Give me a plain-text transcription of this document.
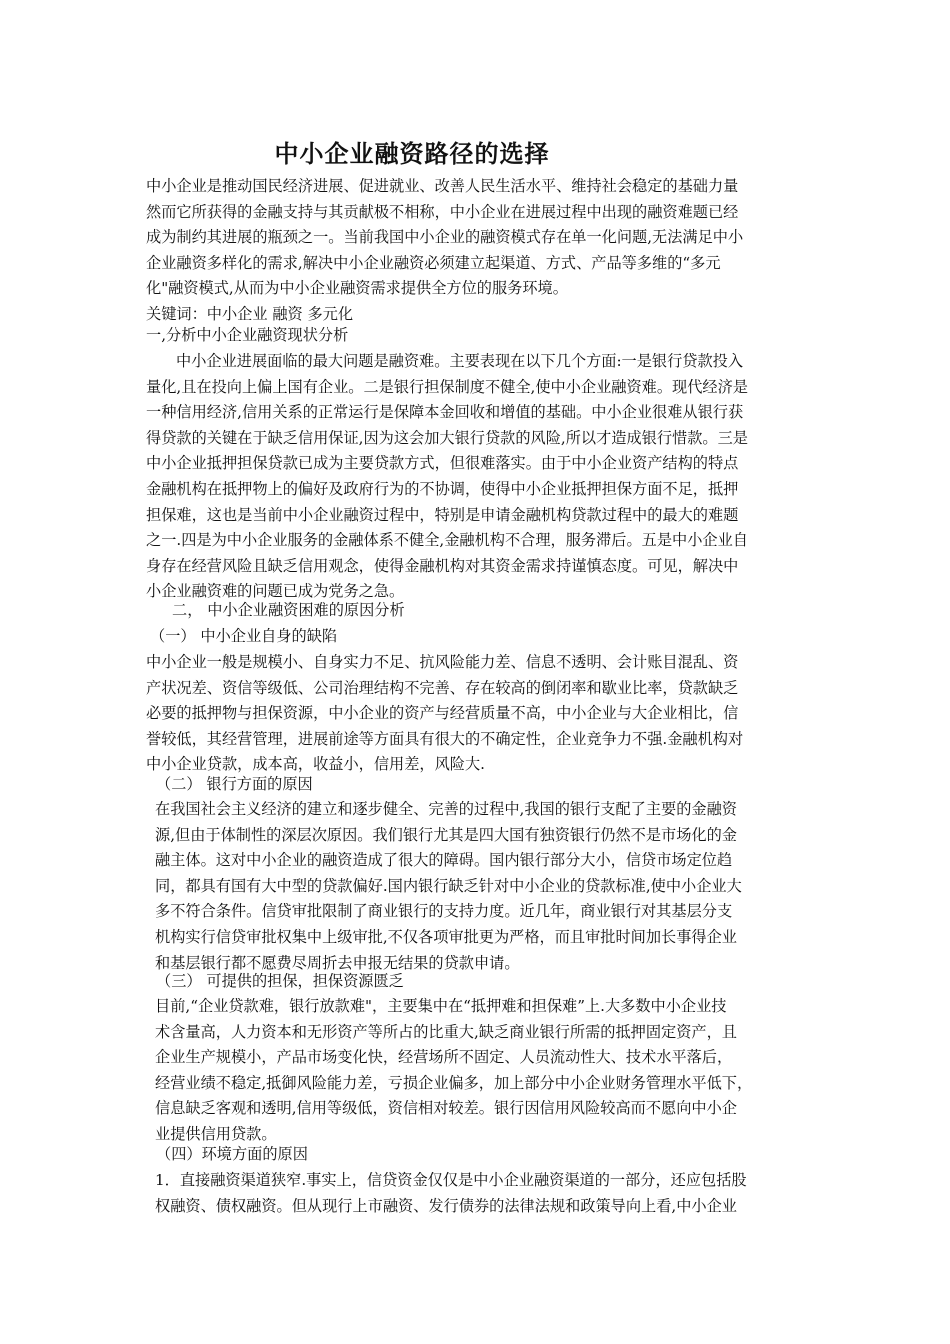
中小企业融资路径的选择
中小企业是推动国民经济进展、促进就业、改善人民生活水平、维持社会稳定的基础力量
然而它所获得的金融支持与其贡献极不相称，中小企业在进展过程中出现的融资难题已经
成为制约其进展的瓶颈之一。当前我国中小企业的融资模式存在单一化问题,无法满足中小
企业融资多样化的需求,解决中小企业融资必须建立起渠道、方式、产品等多维的“多元
化"融资模式,从而为中小企业融资需求提供全方位的服务环境。
关键词：中小企业 融资 多元化
一,分析中小企业融资现状分析
中小企业进展面临的最大问题是融资难。主要表现在以下几个方面:一是银行贷款投入
量化,且在投向上偏上国有企业。二是银行担保制度不健全,使中小企业融资难。现代经济是
一种信用经济,信用关系的正常运行是保障本金回收和增值的基础。中小企业很难从银行获
得贷款的关键在于缺乏信用保证,因为这会加大银行贷款的风险,所以才造成银行惜款。三是
中小企业抵押担保贷款已成为主要贷款方式，但很难落实。由于中小企业资产结构的特点
金融机构在抵押物上的偏好及政府行为的不协调，使得中小企业抵押担保方面不足，抵押
担保难，这也是当前中小企业融资过程中，特别是申请金融机构贷款过程中的最大的难题
之一.四是为中小企业服务的金融体系不健全,金融机构不合理，服务滞后。五是中小企业自
身存在经营风险且缺乏信用观念，使得金融机构对其资金需求持谨慎态度。可见，解决中
小企业融资难的问题已成为党务之急。
二， 中小企业融资困难的原因分析
（一） 中小企业自身的缺陷
中小企业一般是规模小、自身实力不足、抗风险能力差、信息不透明、会计账目混乱、资
产状况差、资信等级低、公司治理结构不完善、存在较高的倒闭率和歇业比率，贷款缺乏
必要的抵押物与担保资源，中小企业的资产与经营质量不高，中小企业与大企业相比，信
誉较低，其经营管理，进展前途等方面具有很大的不确定性，企业竞争力不强.金融机构对
中小企业贷款，成本高，收益小，信用差，风险大.
（二） 银行方面的原因
在我国社会主义经济的建立和逐步健全、完善的过程中,我国的银行支配了主要的金融资
源,但由于体制性的深层次原因。我们银行尤其是四大国有独资银行仍然不是市场化的金
融主体。这对中小企业的融资造成了很大的障碍。国内银行部分大小，信贷市场定位趋
同，都具有国有大中型的贷款偏好.国内银行缺乏针对中小企业的贷款标准,使中小企业大
多不符合条件。信贷审批限制了商业银行的支持力度。近几年，商业银行对其基层分支
机构实行信贷审批权集中上级审批,不仅各项审批更为严格，而且审批时间加长事得企业
和基层银行都不愿费尽周折去申报无结果的贷款申请。
（三） 可提供的担保，担保资源匮乏
目前,“企业贷款难，银行放款难"，主要集中在“抵押难和担保难”上.大多数中小企业技
术含量高，人力资本和无形资产等所占的比重大,缺乏商业银行所需的抵押固定资产，且
企业生产规模小，产品市场变化快，经营场所不固定、人员流动性大、技术水平落后，
经营业绩不稳定,抵御风险能力差，亏损企业偏多，加上部分中小企业财务管理水平低下，
信息缺乏客观和透明,信用等级低，资信相对较差。银行因信用风险较高而不愿向中小企
业提供信用贷款。
（四）环境方面的原因
1．直接融资渠道狭窄.事实上，信贷资金仅仅是中小企业融资渠道的一部分，还应包括股
权融资、债权融资。但从现行上市融资、发行债券的法律法规和政策导向上看,中小企业
